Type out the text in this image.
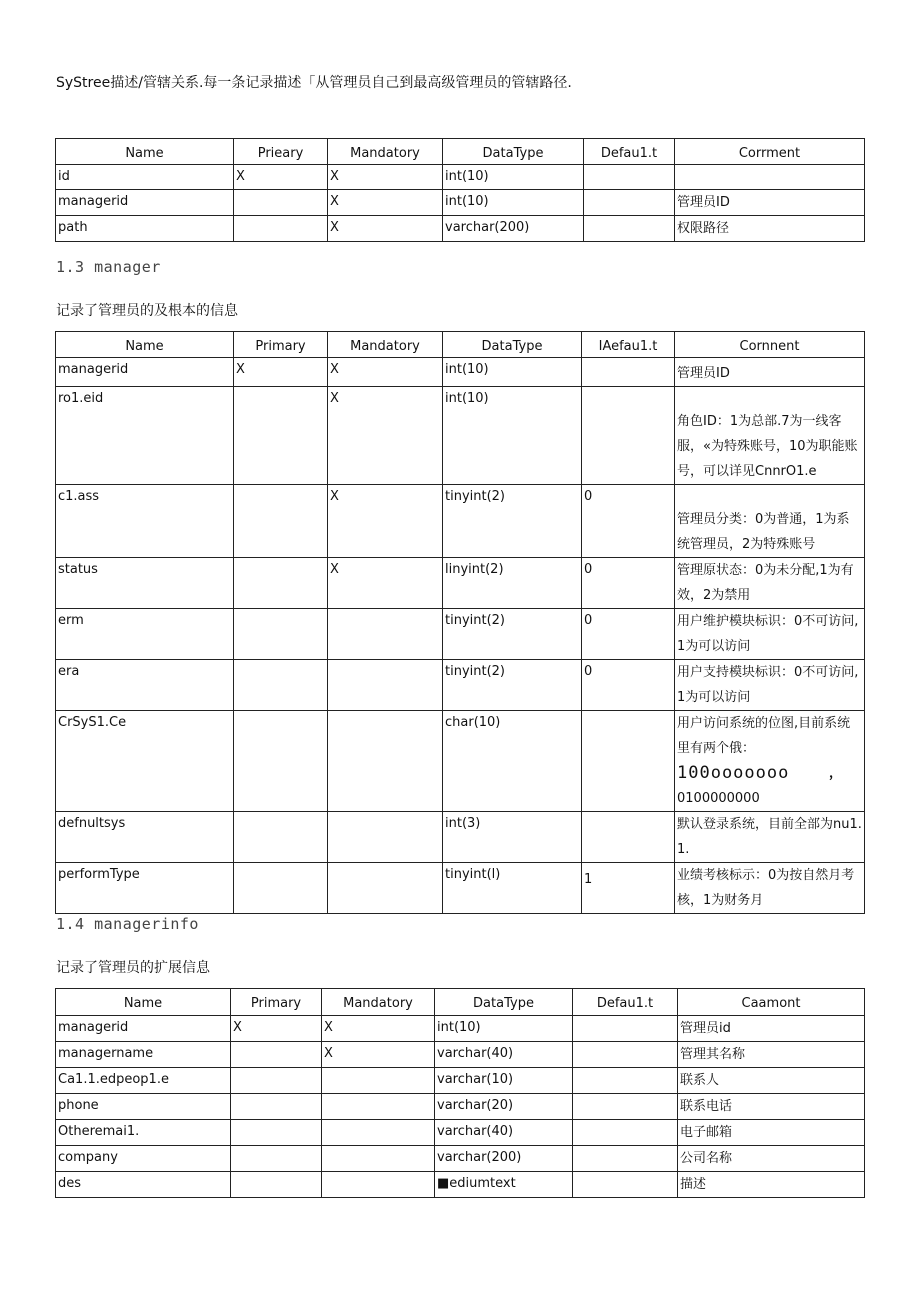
SyStree描述/管辖关系.每一条记录描述「从管理员自己到最高级管理员的管辖路径.
Name	Prieary	Mandatory	DataType	Defau1.t	Corrment
id	X	X	int(10)		
managerid		X	int(10)		管理员ID
path		X	varchar(200)		权限路径
1.3 manager
记录了管理员的及根本的信息
Name	Primary	Mandatory	DataType	IAefau1.t	Cornnent
managerid	X	X	int(10)		管理员ID
ro1.eid		X	int(10)		角色ID：1为总部.7为一线客服，«为特殊账号，10为职能账号，可以详见CnnrO1.e
c1.ass		X	tinyint(2)	0	管理员分类：0为普通，1为系统管理员，2为特殊账号
status		X	linyint(2)	0	管理原状态：0为未分配,1为有效，2为禁用
erm			tinyint(2)	0	用户维护模块标识：0不可访问,1为可以访问
era			tinyint(2)	0	用户支持模块标识：0不可访问,1为可以访问
CrSyS1.Ce			char(10)		用户访问系统的位图,目前系统里有两个俄：
100ooooooo ，
0100000000

defnultsys			int(3)		默认登录系统，目前全部为nu1.1.
performType			tinyint(l)	1	业绩考核标示：0为按自然月考核，1为财务月
1.4 managerinfo
记录了管理员的扩展信息
Name	Primary	Mandatory	DataType	Defau1.t	Caamont
managerid	X	X	int(10)		管理员id
managername		X	varchar(40)		管理其名称
Ca1.1.edpeop1.e			varchar(10)		联系人
phone			varchar(20)		联系电话
Otheremai1.			varchar(40)		电子邮箱
company			varchar(200)		公司名称
des			■ediumtext		描述
